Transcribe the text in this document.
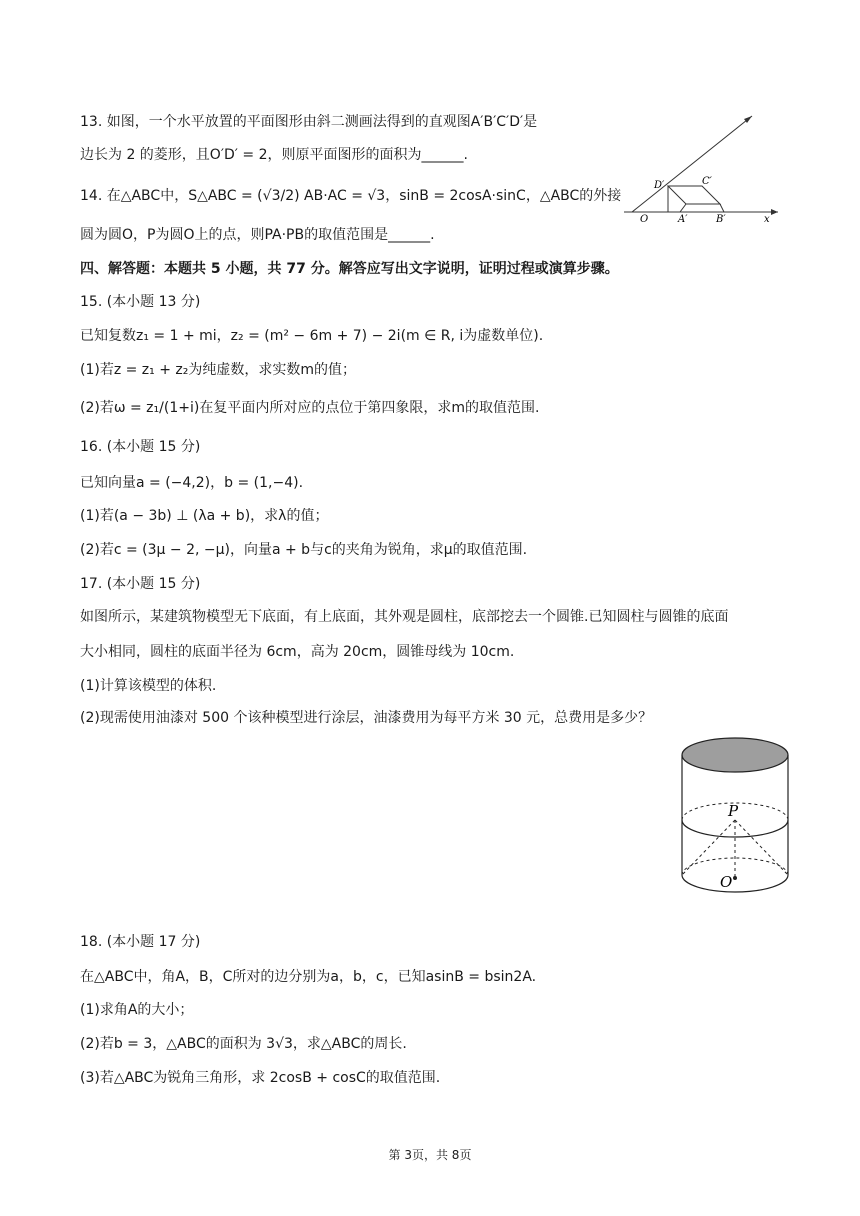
13. 如图，一个水平放置的平面图形由斜二测画法得到的直观图A′B′C′D′是
边长为 2 的菱形，且O′D′ = 2，则原平面图形的面积为______.
D′	C′
O	A′	B′	x
14. 在△ABC中，S△ABC = (√3/2) AB·AC = √3，sinB = 2cosA·sinC，△ABC的外接
圆为圆O，P为圆O上的点，则PA·PB的取值范围是______.
四、解答题：本题共 5 小题，共 77 分。解答应写出文字说明，证明过程或演算步骤。
15. (本小题 13 分)
已知复数z₁ = 1 + mi，z₂ = (m² − 6m + 7) − 2i(m ∈ R, i为虚数单位).
(1)若z = z₁ + z₂为纯虚数，求实数m的值；
(2)若ω = z₁/(1+i)在复平面内所对应的点位于第四象限，求m的取值范围.
16. (本小题 15 分)
已知向量a = (−4,2)，b = (1,−4).
(1)若(a − 3b) ⊥ (λa + b)，求λ的值；
(2)若c = (3μ − 2, −μ)，向量a + b与c的夹角为锐角，求μ的取值范围.
17. (本小题 15 分)
如图所示，某建筑物模型无下底面，有上底面，其外观是圆柱，底部挖去一个圆锥.已知圆柱与圆锥的底面
大小相同，圆柱的底面半径为 6cm，高为 20cm，圆锥母线为 10cm.
(1)计算该模型的体积.
(2)现需使用油漆对 500 个该种模型进行涂层，油漆费用为每平方米 30 元，总费用是多少？
P
O
18. (本小题 17 分)
在△ABC中，角A，B，C所对的边分别为a，b，c，已知asinB = bsin2A.
(1)求角A的大小；
(2)若b = 3，△ABC的面积为 3√3，求△ABC的周长.
(3)若△ABC为锐角三角形，求 2cosB + cosC的取值范围.
第 3页，共 8页
